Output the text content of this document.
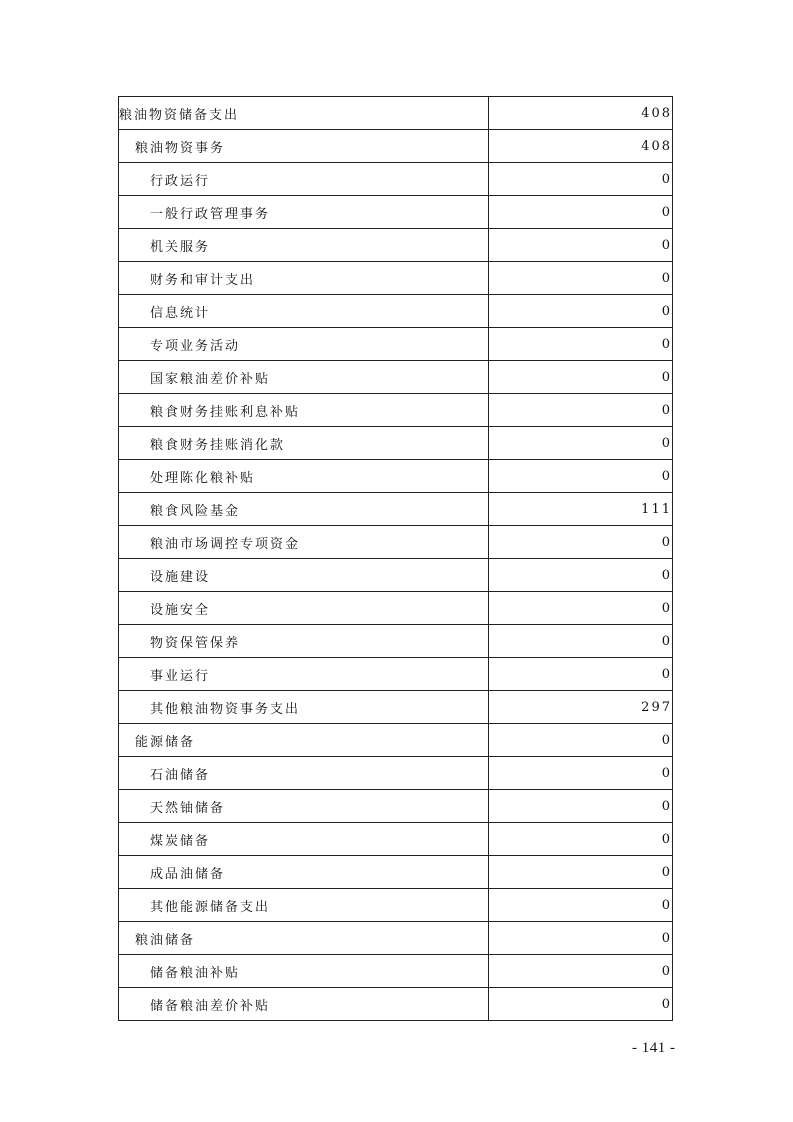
粮油物资储备支出	408
粮油物资事务	408
行政运行	0
一般行政管理事务	0
机关服务	0
财务和审计支出	0
信息统计	0
专项业务活动	0
国家粮油差价补贴	0
粮食财务挂账利息补贴	0
粮食财务挂账消化款	0
处理陈化粮补贴	0
粮食风险基金	111
粮油市场调控专项资金	0
设施建设	0
设施安全	0
物资保管保养	0
事业运行	0
其他粮油物资事务支出	297
能源储备	0
石油储备	0
天然铀储备	0
煤炭储备	0
成品油储备	0
其他能源储备支出	0
粮油储备	0
储备粮油补贴	0
储备粮油差价补贴	0
- 141 -
